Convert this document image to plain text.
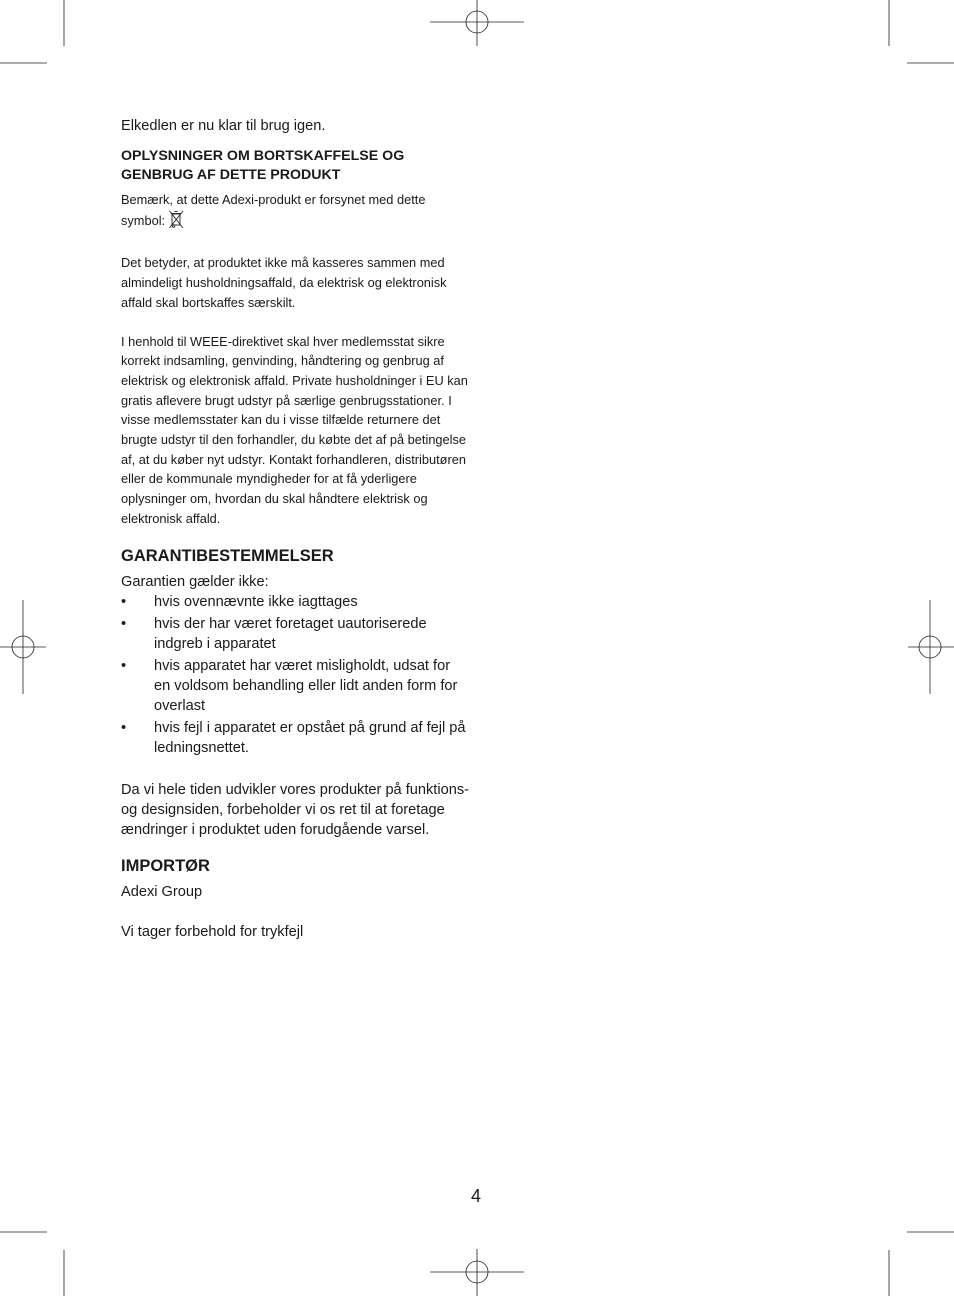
Elkedlen er nu klar til brug igen.

OPLYSNINGER OM BORTSKAFFELSE OG

GENBRUG AF DETTE PRODUKT

Bemærk, at dette Adexi-produkt er forsynet med dette symbol:

Det betyder, at produktet ikke må kasseres sammen med almindeligt husholdningsaffald, da elektrisk og elektronisk affald skal bortskaffes særskilt.

I henhold til WEEE-direktivet skal hver medlemsstat sikre korrekt indsamling, genvinding, håndtering og genbrug af elektrisk og elektronisk affald. Private husholdninger i EU kan gratis aflevere brugt udstyr på særlige genbrugsstationer. I visse medlemsstater kan du i visse tilfælde returnere det brugte udstyr til den forhandler, du købte det af på betingelse af, at du køber nyt udstyr. Kontakt forhandleren, distributøren eller de kommunale myndigheder for at få yderligere oplysninger om, hvordan du skal håndtere elektrisk og elektronisk affald.

GARANTIBESTEMMELSER

Garantien gælder ikke:

• hvis ovennævnte ikke iagttages
• hvis der har været foretaget uautoriserede indgreb i apparatet
• hvis apparatet har været misligholdt, udsat for en voldsom behandling eller lidt anden form for overlast
• hvis fejl i apparatet er opstået på grund af fejl på ledningsnettet.

Da vi hele tiden udvikler vores produkter på funktions- og designsiden, forbeholder vi os ret til at foretage ændringer i produktet uden forudgående varsel.

IMPORTØR

Adexi Group

Vi tager forbehold for trykfejl

4
